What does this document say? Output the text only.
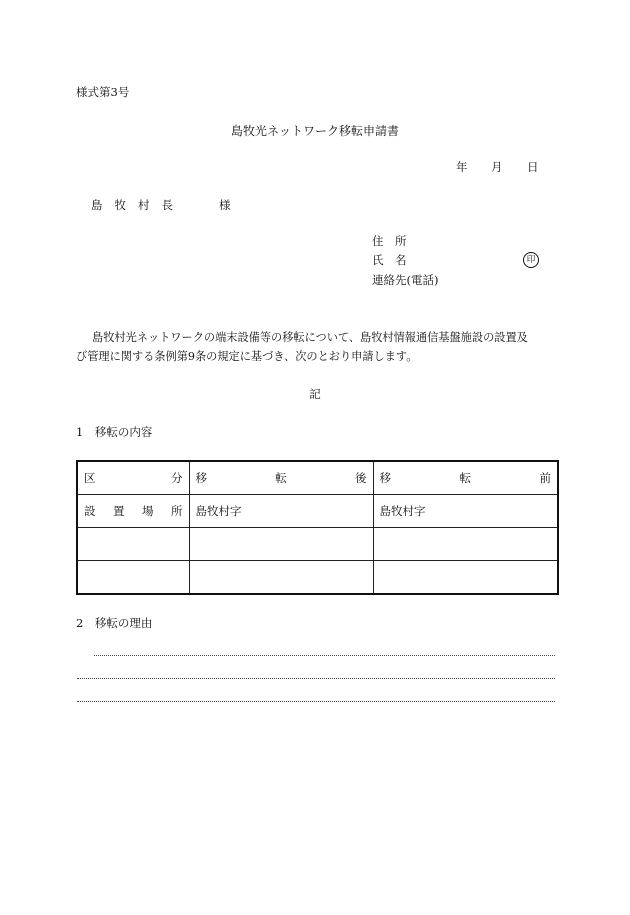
様式第3号
島牧光ネットワーク移転申請書
年 月 日
島 牧 村 長	様
住　所
氏　名	印
連絡先(電話)
島牧村光ネットワークの端末設備等の移転について、島牧村情報通信基盤施設の設置及
び管理に関する条例第9条の規定に基づき、次のとおり申請します。
記
1　移転の内容
区 分	移 転 後	移 転 前

設 置 場 所	島牧村字	島牧村字

2　移転の理由
